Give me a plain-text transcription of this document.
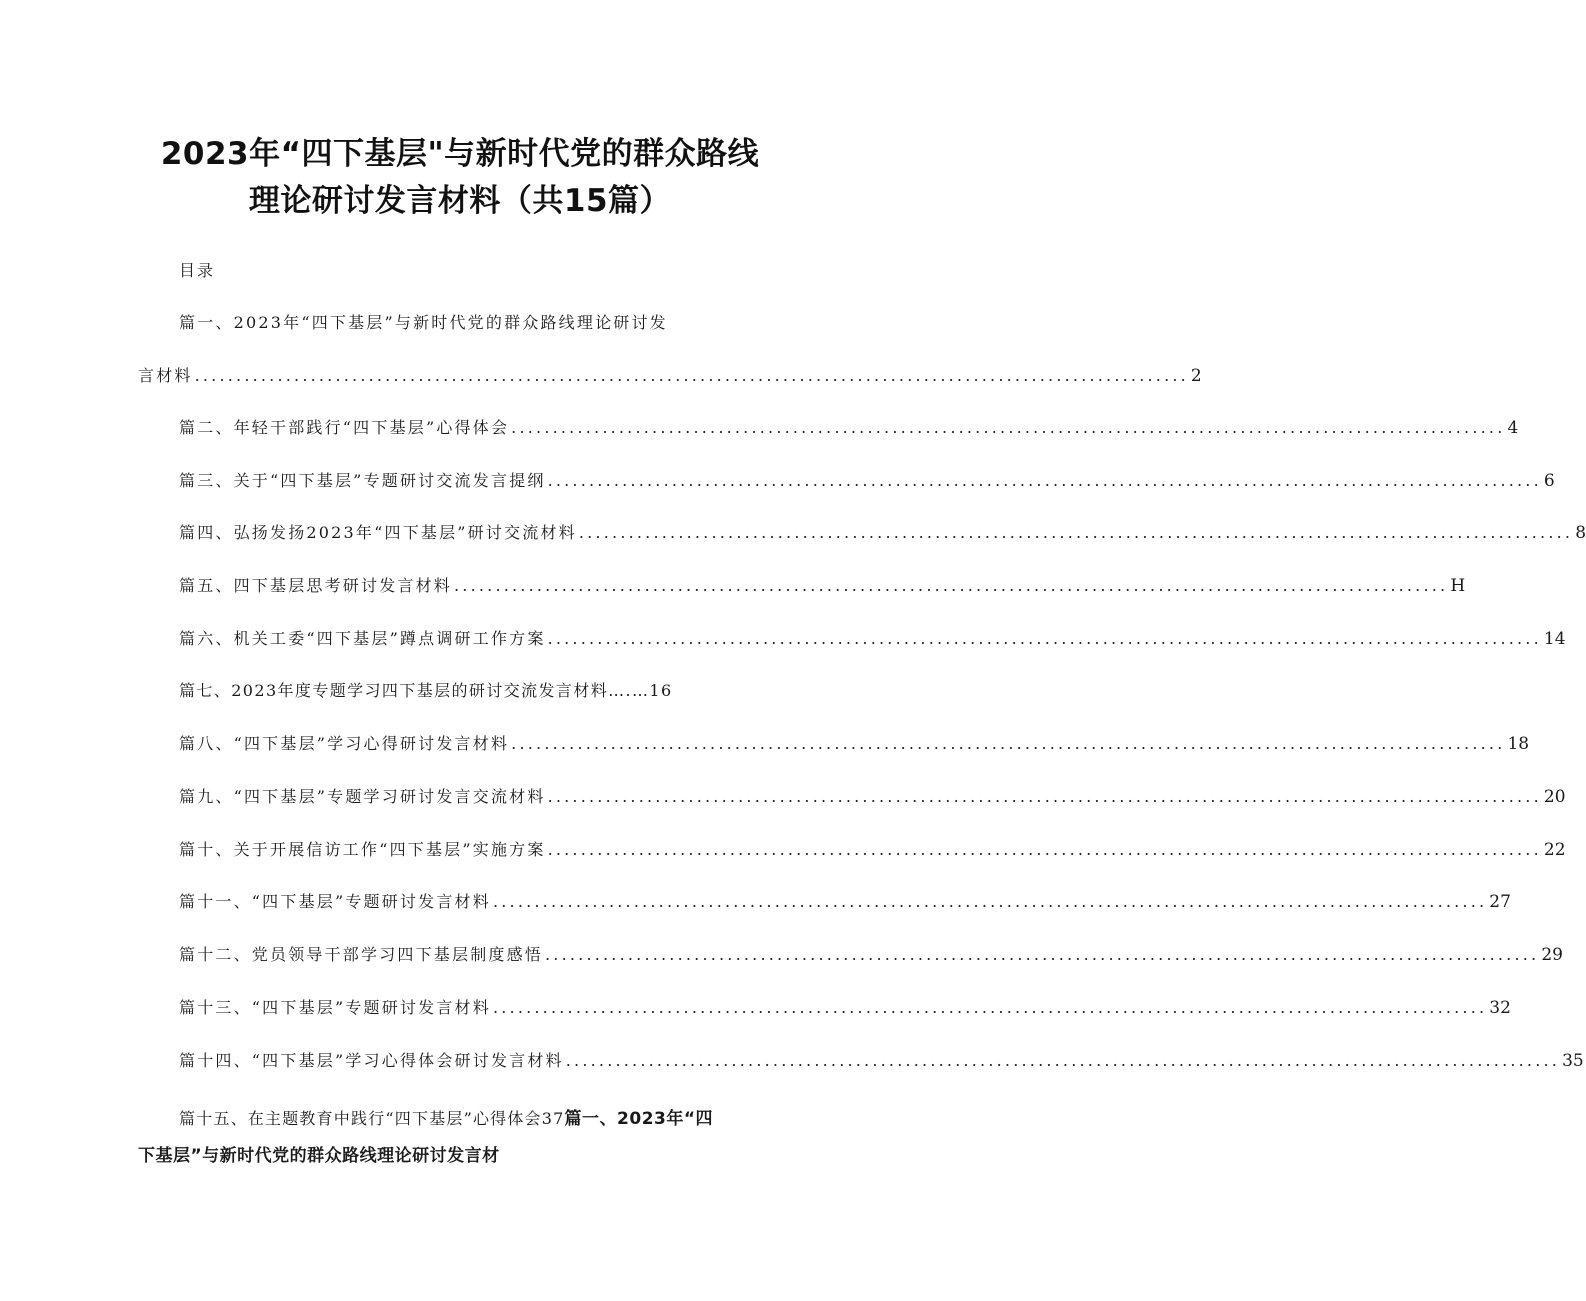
2023年“四下基层"与新时代党的群众路线
理论研讨发言材料（共15篇）
目录
篇一、2023年“四下基层”与新时代党的群众路线理论研讨发
言材料 ........................................................................................................................ 2
篇二、年轻干部践行“四下基层”心得体会 ........................................................................................................................ 4
篇三、关于“四下基层”专题研讨交流发言提纲 ........................................................................................................................ 6
篇四、弘扬发扬2023年“四下基层”研讨交流材料 ........................................................................................................................ 8
篇五、四下基层思考研讨发言材料 ........................................................................................................................ H
篇六、机关工委“四下基层”蹲点调研工作方案 ........................................................................................................................ 14
篇七、2023年度专题学习四下基层的研讨交流发言材料….…16
篇八、“四下基层”学习心得研讨发言材料 ........................................................................................................................ 18
篇九、“四下基层”专题学习研讨发言交流材料 ........................................................................................................................ 20
篇十、关于开展信访工作“四下基层”实施方案 ........................................................................................................................ 22
篇十一、“四下基层”专题研讨发言材料 ........................................................................................................................ 27
篇十二、党员领导干部学习四下基层制度感悟 ........................................................................................................................ 29
篇十三、“四下基层”专题研讨发言材料 ........................................................................................................................ 32
篇十四、“四下基层”学习心得体会研讨发言材料 ........................................................................................................................ 35
篇十五、在主题教育中践行“四下基层”心得体会37篇一、2023年“四
下基层”与新时代党的群众路线理论研讨发言材
